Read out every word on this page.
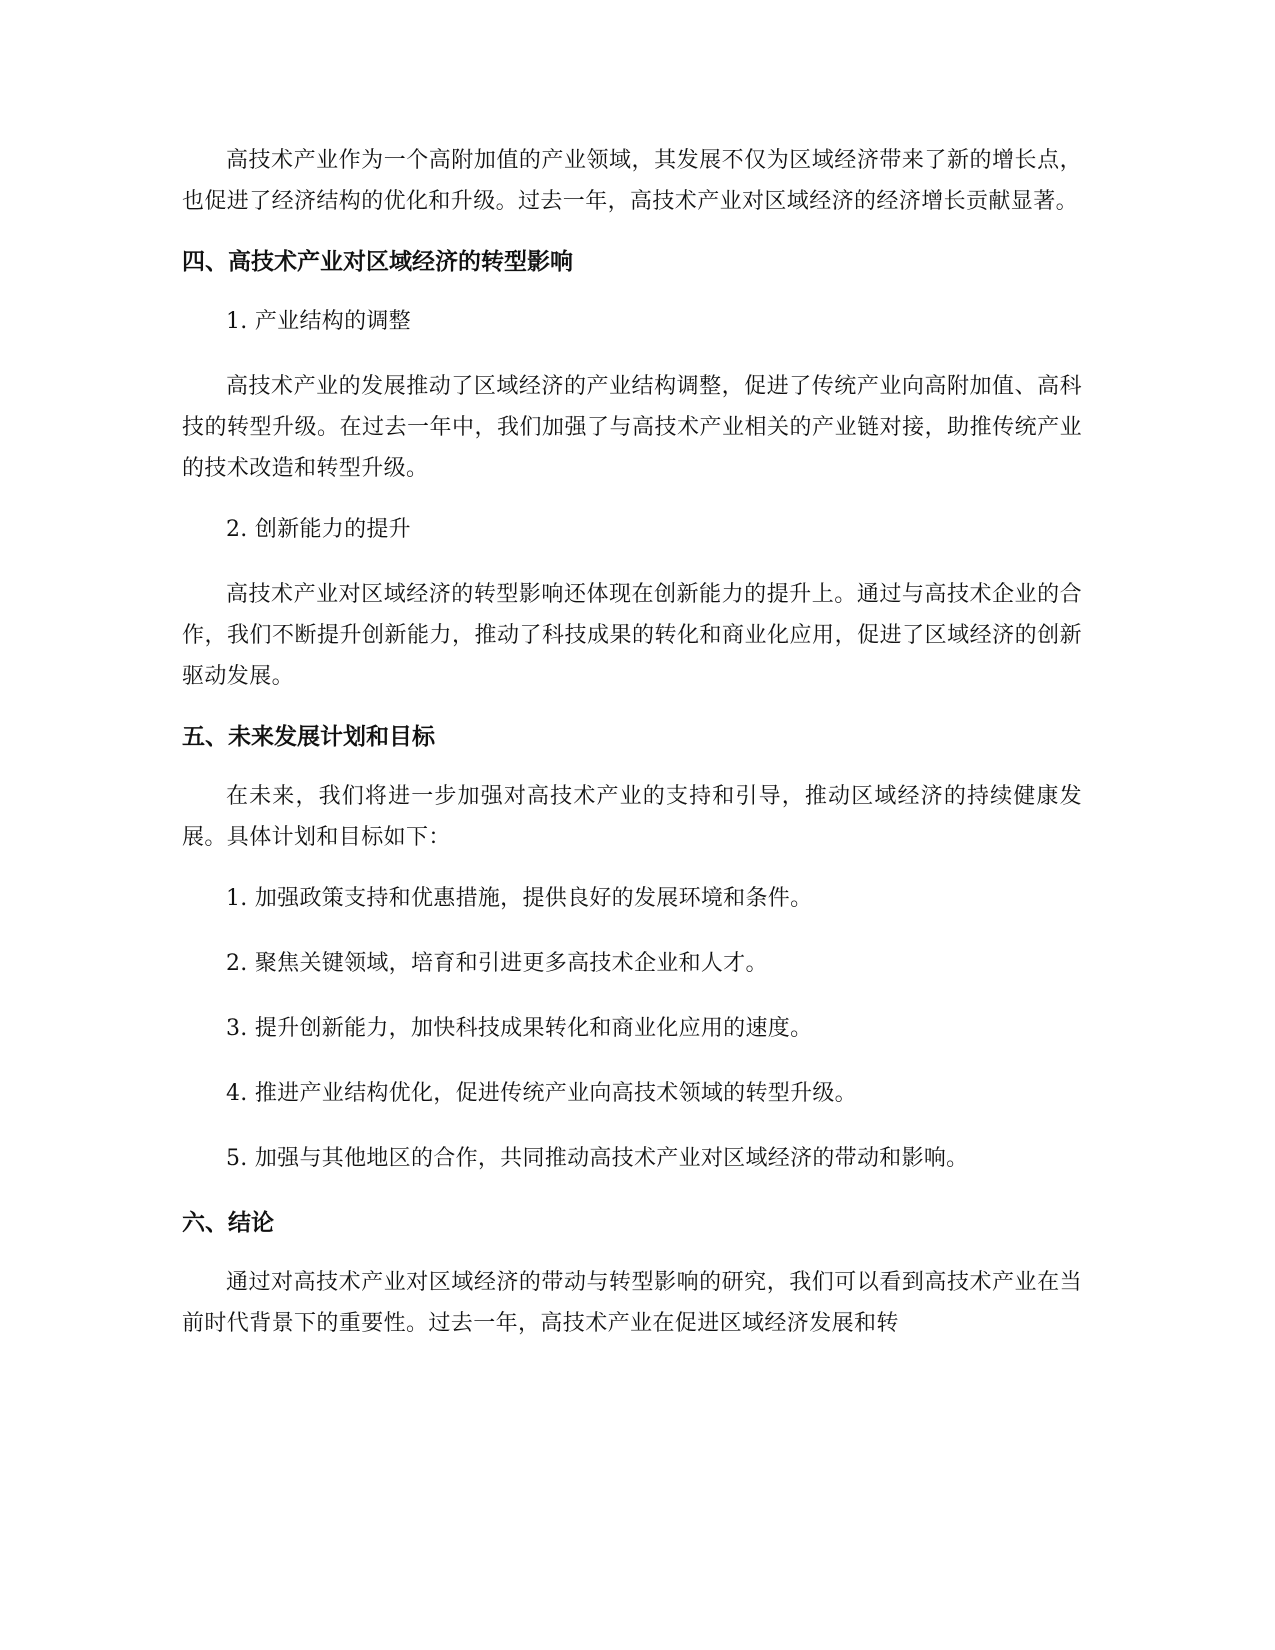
高技术产业作为一个高附加值的产业领域，其发展不仅为区域经济带来了新的增长点，也促进了经济结构的优化和升级。过去一年，高技术产业对区域经济的经济增长贡献显著。

四、高技术产业对区域经济的转型影响

1. 产业结构的调整

高技术产业的发展推动了区域经济的产业结构调整，促进了传统产业向高附加值、高科技的转型升级。在过去一年中，我们加强了与高技术产业相关的产业链对接，助推传统产业的技术改造和转型升级。

2. 创新能力的提升

高技术产业对区域经济的转型影响还体现在创新能力的提升上。通过与高技术企业的合作，我们不断提升创新能力，推动了科技成果的转化和商业化应用，促进了区域经济的创新驱动发展。

五、未来发展计划和目标

在未来，我们将进一步加强对高技术产业的支持和引导，推动区域经济的持续健康发展。具体计划和目标如下：

1. 加强政策支持和优惠措施，提供良好的发展环境和条件。

2. 聚焦关键领域，培育和引进更多高技术企业和人才。

3. 提升创新能力，加快科技成果转化和商业化应用的速度。

4. 推进产业结构优化，促进传统产业向高技术领域的转型升级。

5. 加强与其他地区的合作，共同推动高技术产业对区域经济的带动和影响。

六、结论

通过对高技术产业对区域经济的带动与转型影响的研究，我们可以看到高技术产业在当前时代背景下的重要性。过去一年，高技术产业在促进区域经济发展和转
